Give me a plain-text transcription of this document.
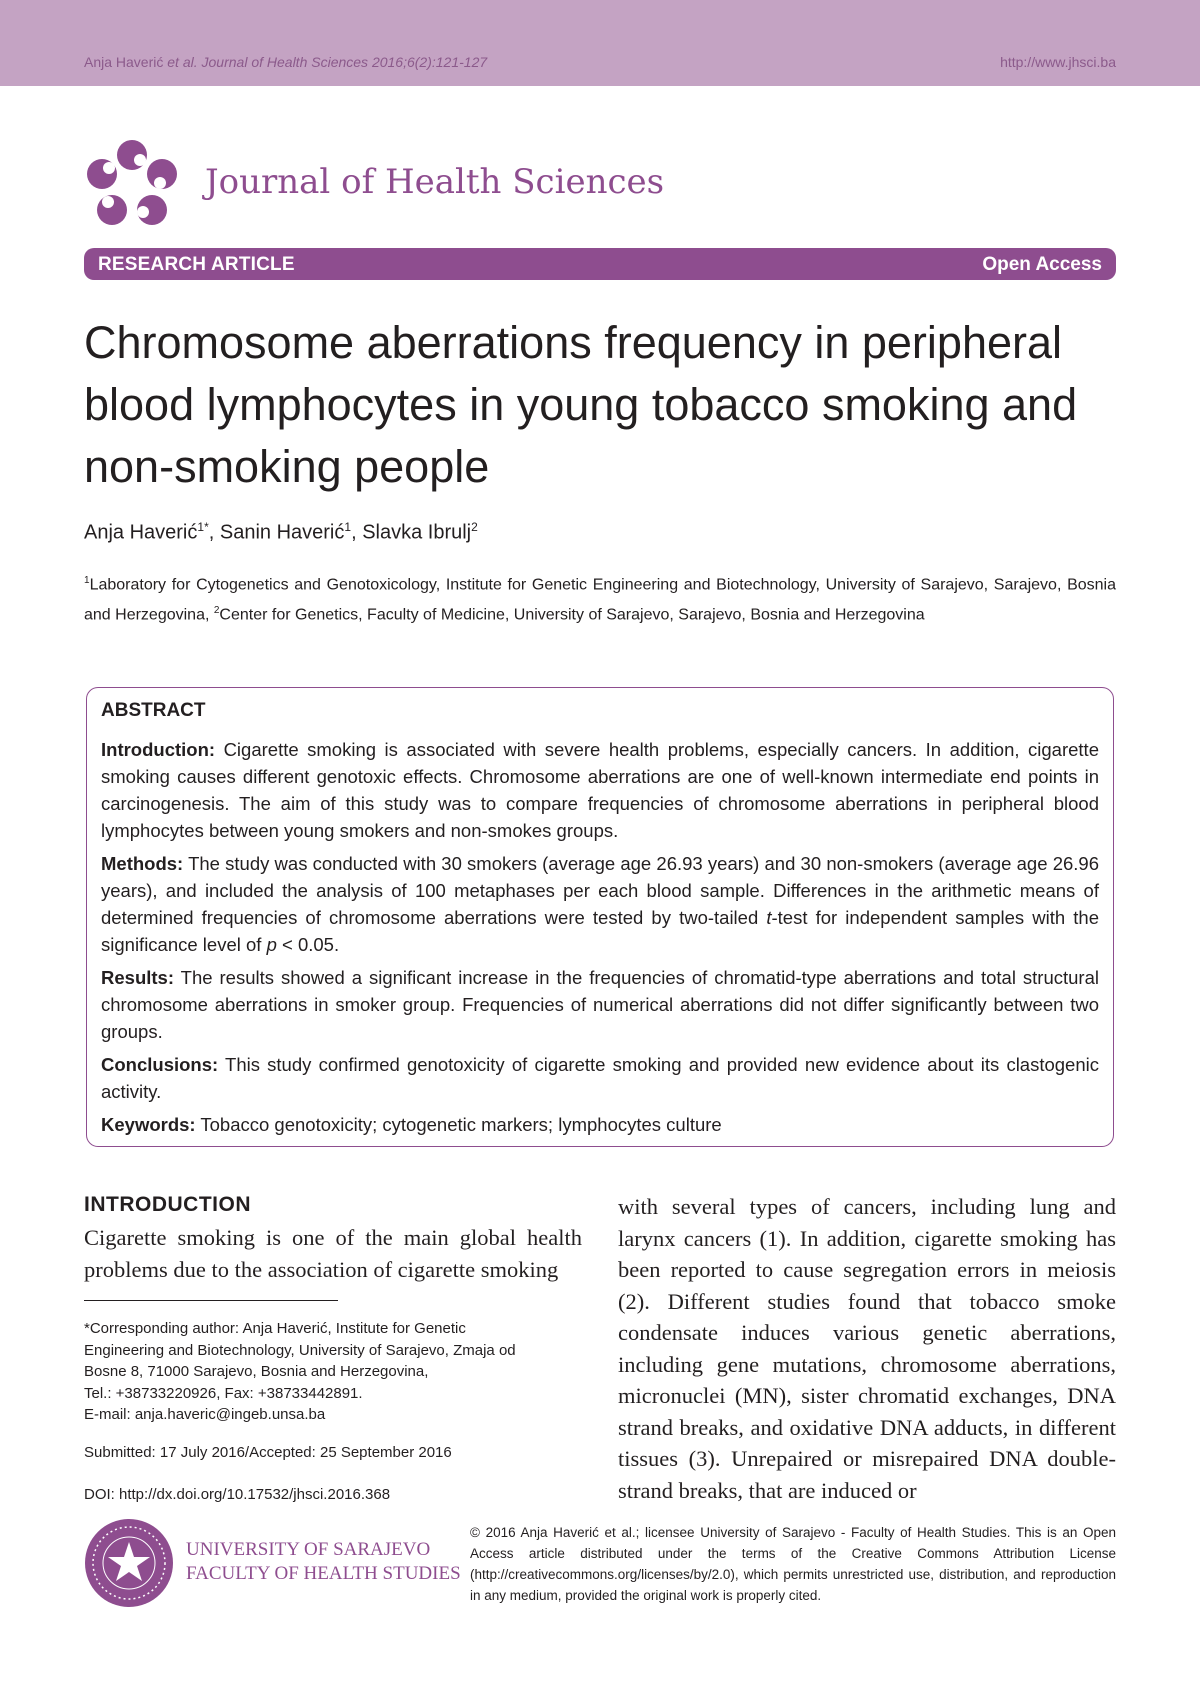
Anja Haverić et al. Journal of Health Sciences 2016;6(2):121-127	http://www.jhsci.ba
Journal of Health Sciences
RESEARCH ARTICLE	Open Access
Chromosome aberrations frequency in peripheral blood lymphocytes in young tobacco smoking and non-smoking people
Anja Haverić$^{1*}$, Sanin Haverić$^1$, Slavka Ibrulj$^2$
$^1$Laboratory for Cytogenetics and Genotoxicology, Institute for Genetic Engineering and Biotechnology, University of Sarajevo, Sarajevo, Bosnia and Herzegovina, $^2$Center for Genetics, Faculty of Medicine, University of Sarajevo, Sarajevo, Bosnia and Herzegovina
ABSTRACT

Introduction: Cigarette smoking is associated with severe health problems, especially cancers. In addition, cigarette smoking causes different genotoxic effects. Chromosome aberrations are one of well-known intermediate end points in carcinogenesis. The aim of this study was to compare frequencies of chromosome aberrations in peripheral blood lymphocytes between young smokers and non-smokes groups.

Methods: The study was conducted with 30 smokers (average age 26.93 years) and 30 non-smokers (average age 26.96 years), and included the analysis of 100 metaphases per each blood sample. Differences in the arithmetic means of determined frequencies of chromosome aberrations were tested by two-tailed t-test for independent samples with the significance level of p < 0.05.

Results: The results showed a significant increase in the frequencies of chromatid-type aberrations and total structural chromosome aberrations in smoker group. Frequencies of numerical aberrations did not differ significantly between two groups.

Conclusions: This study confirmed genotoxicity of cigarette smoking and provided new evidence about its clastogenic activity.

Keywords: Tobacco genotoxicity; cytogenetic markers; lymphocytes culture

INTRODUCTION
Cigarette smoking is one of the main global health problems due to the association of cigarette smoking
with several types of cancers, including lung and larynx cancers (1). In addition, cigarette smoking has been reported to cause segregation errors in meiosis (2). Different studies found that tobacco smoke condensate induces various genetic aberrations, including gene mutations, chromosome aberrations, micronuclei (MN), sister chromatid exchanges, DNA strand breaks, and oxidative DNA adducts, in different tissues (3). Unrepaired or misrepaired DNA double-strand breaks, that are induced or
*Corresponding author: Anja Haverić, Institute for Genetic
Engineering and Biotechnology, University of Sarajevo, Zmaja od
Bosne 8, 71000 Sarajevo, Bosnia and Herzegovina,
Tel.: +38733220926, Fax: +38733442891.
E-mail: anja.haveric@ingeb.unsa.ba
Submitted: 17 July 2016/Accepted: 25 September 2016
DOI: http://dx.doi.org/10.17532/jhsci.2016.368
UNIVERSITY OF SARAJEVO
FACULTY OF HEALTH STUDIES
© 2016 Anja Haverić et al.; licensee University of Sarajevo - Faculty of Health Studies. This is an Open Access article distributed under the terms of the Creative Commons Attribution License (http://creativecommons.org/licenses/by/2.0), which permits unrestricted use, distribution, and reproduction in any medium, provided the original work is properly cited.
